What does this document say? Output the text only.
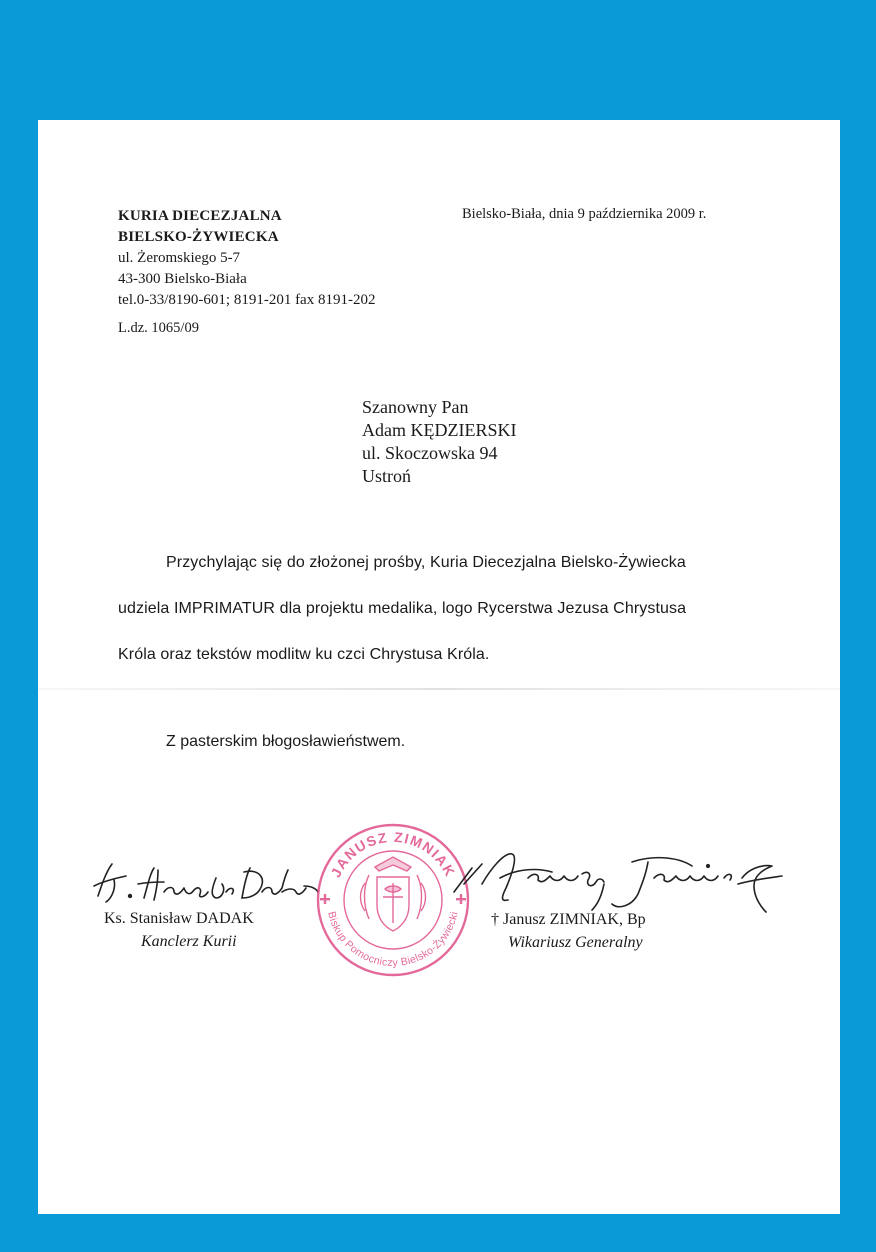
KURIA DIECEZJALNA
BIELSKO-ŻYWIECKA
ul. Żeromskiego 5-7
43-300 Bielsko-Biała
tel.0-33/8190-601; 8191-201 fax 8191-202
Bielsko-Biała, dnia 9 października 2009 r.
L.dz. 1065/09
Szanowny Pan
Adam KĘDZIERSKI
ul. Skoczowska 94
Ustroń
Przychylając się do złożonej prośby, Kuria Diecezjalna Bielsko-Żywiecka
udziela IMPRIMATUR dla projektu medalika, logo Rycerstwa Jezusa Chrystusa
Króla oraz tekstów modlitw ku czci Chrystusa Króla.
Z pasterskim błogosławieństwem.
Ks. Stanisław DADAK
Kanclerz Kurii
JANUSZ ZIMNIAK
Biskup Pomocniczy Bielsko-Żywiecki † Janusz ZIMNIAK, Bp
Wikariusz Generalny
